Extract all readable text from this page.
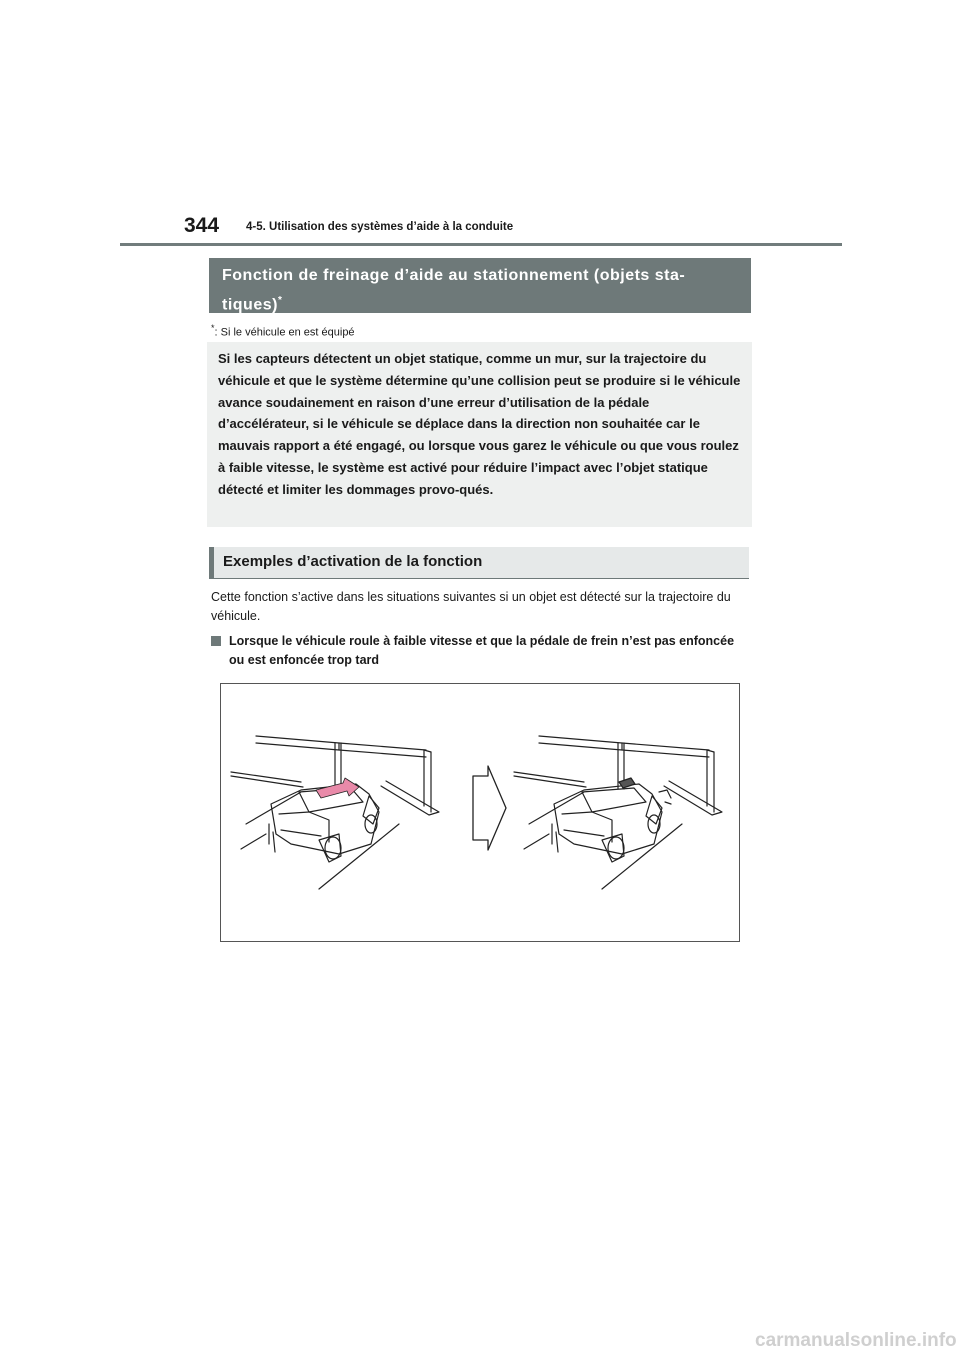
344 4-5. Utilisation des systèmes d’aide à la conduite
Fonction de freinage d’aide au stationnement (objets sta-tiques)*
*: Si le véhicule en est équipé
Si les capteurs détectent un objet statique, comme un mur, sur la trajectoire du véhicule et que le système détermine qu’une collision peut se produire si le véhicule avance soudainement en raison d’une erreur d’utilisation de la pédale d’accélérateur, si le véhicule se déplace dans la direction non souhaitée car le mauvais rapport a été engagé, ou lorsque vous garez le véhicule ou que vous roulez à faible vitesse, le système est activé pour réduire l’impact avec l’objet statique détecté et limiter les dommages provo-qués.
Exemples d’activation de la fonction
Cette fonction s’active dans les situations suivantes si un objet est détecté sur la trajectoire du véhicule.
Lorsque le véhicule roule à faible vitesse et que la pédale de frein n’est pas enfoncée ou est enfoncée trop tard
carmanualsonline.info
